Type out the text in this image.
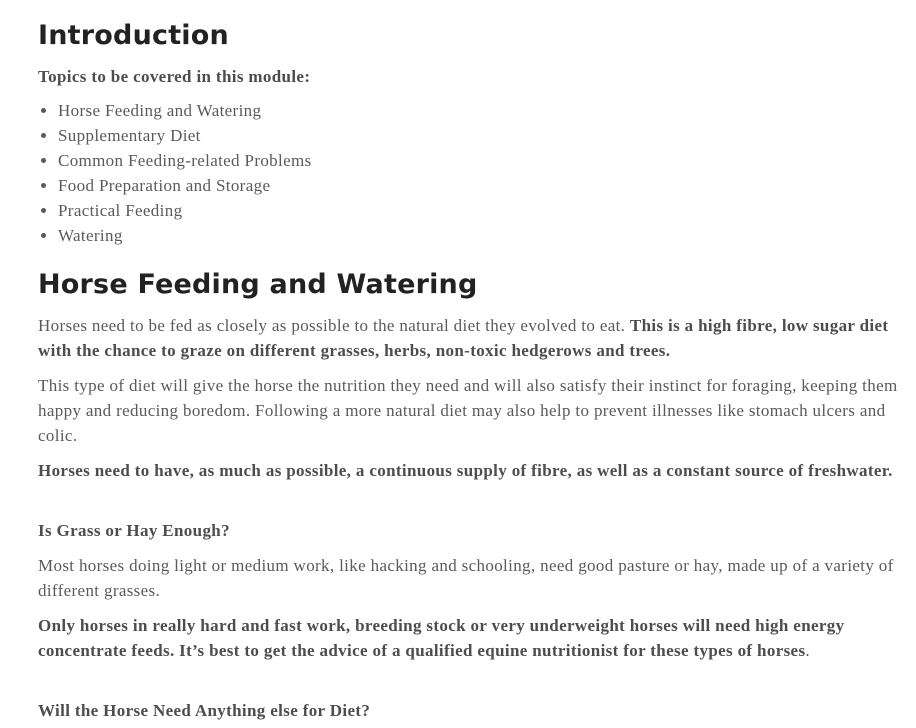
Introduction

Topics to be covered in this module:

• Horse Feeding and Watering
• Supplementary Diet
• Common Feeding-related Problems
• Food Preparation and Storage
• Practical Feeding
• Watering
Horse Feeding and Watering

Horses need to be fed as closely as possible to the natural diet they evolved to eat. This is a high fibre, low sugar diet with the chance to graze on different grasses, herbs, non-toxic hedgerows and trees.

This type of diet will give the horse the nutrition they need and will also satisfy their instinct for foraging, keeping them happy and reducing boredom. Following a more natural diet may also help to prevent illnesses like stomach ulcers and colic.

Horses need to have, as much as possible, a continuous supply of fibre, as well as a constant source of freshwater.

Is Grass or Hay Enough?

Most horses doing light or medium work, like hacking and schooling, need good pasture or hay, made up of a variety of different grasses.

Only horses in really hard and fast work, breeding stock or very underweight horses will need high energy concentrate feeds. It’s best to get the advice of a qualified equine nutritionist for these types of horses.

Will the Horse Need Anything else for Diet?
